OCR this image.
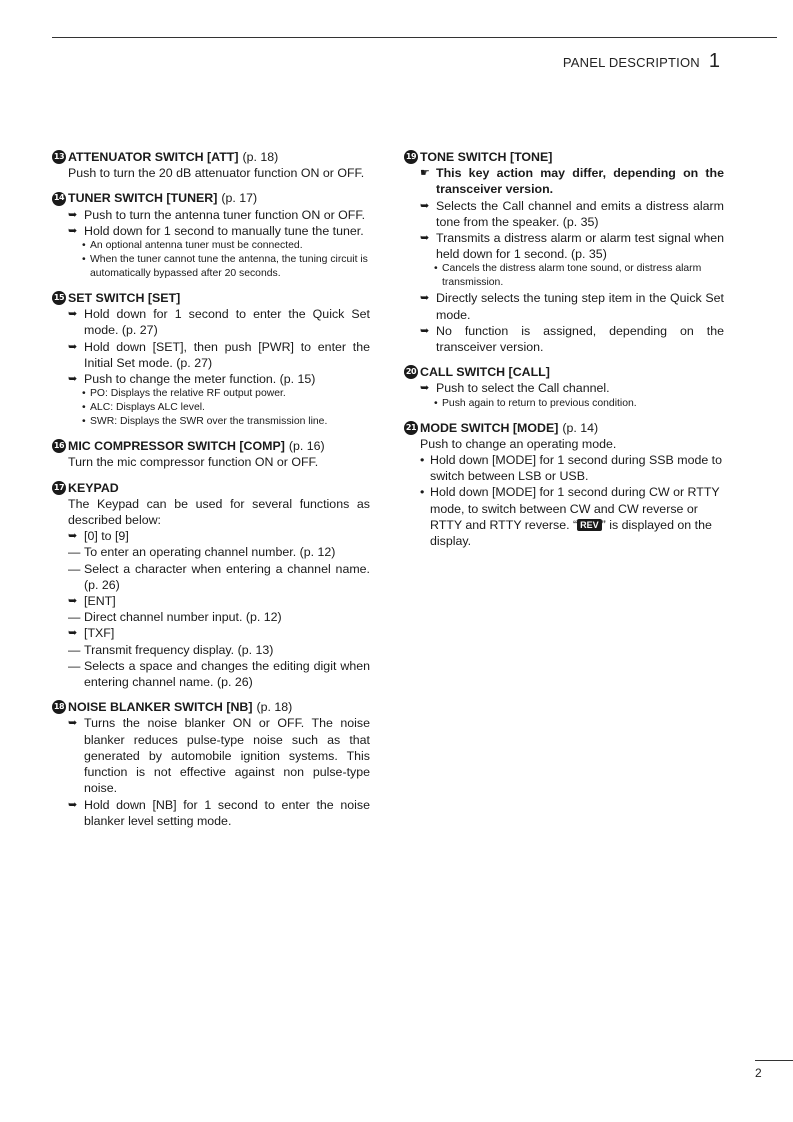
PANEL DESCRIPTION 1
13 ATTENUATOR SWITCH [ATT] (p. 18)
Push to turn the 20 dB attenuator function ON or OFF.
14 TUNER SWITCH [TUNER] (p. 17)
➥ Push to turn the antenna tuner function ON or OFF.
➥ Hold down for 1 second to manually tune the tuner.
• An optional antenna tuner must be connected.
• When the tuner cannot tune the antenna, the tuning circuit is automatically bypassed after 20 seconds.
15 SET SWITCH [SET]
➥ Hold down for 1 second to enter the Quick Set mode. (p. 27)
➥ Hold down [SET], then push [PWR] to enter the Initial Set mode. (p. 27)
➥ Push to change the meter function. (p. 15)
• PO: Displays the relative RF output power.
• ALC: Displays ALC level.
• SWR: Displays the SWR over the transmission line.
16 MIC COMPRESSOR SWITCH [COMP] (p. 16)
Turn the mic compressor function ON or OFF.
17 KEYPAD
The Keypad can be used for several functions as described below:
➥ [0] to [9]
— To enter an operating channel number. (p. 12)
— Select a character when entering a channel name. (p. 26)
➥ [ENT]
— Direct channel number input. (p. 12)
➥ [TXF]
— Transmit frequency display. (p. 13)
— Selects a space and changes the editing digit when entering channel name. (p. 26)
18 NOISE BLANKER SWITCH [NB] (p. 18)
➥ Turns the noise blanker ON or OFF. The noise blanker reduces pulse-type noise such as that generated by automobile ignition systems. This function is not effective against non pulse-type noise.
➥ Hold down [NB] for 1 second to enter the noise blanker level setting mode.
19 TONE SWITCH [TONE]
☛ This key action may differ, depending on the transceiver version.
➥ Selects the Call channel and emits a distress alarm tone from the speaker. (p. 35)
➥ Transmits a distress alarm or alarm test signal when held down for 1 second. (p. 35)
• Cancels the distress alarm tone sound, or distress alarm transmission.
➥ Directly selects the tuning step item in the Quick Set mode.
➥ No function is assigned, depending on the transceiver version.
20 CALL SWITCH [CALL]
➥ Push to select the Call channel.
• Push again to return to previous condition.
21 MODE SWITCH [MODE] (p. 14)
Push to change an operating mode.
• Hold down [MODE] for 1 second during SSB mode to switch between LSB or USB.
• Hold down [MODE] for 1 second during CW or RTTY mode, to switch between CW and CW reverse or RTTY and RTTY reverse. “ REV ” is displayed on the display.
2
